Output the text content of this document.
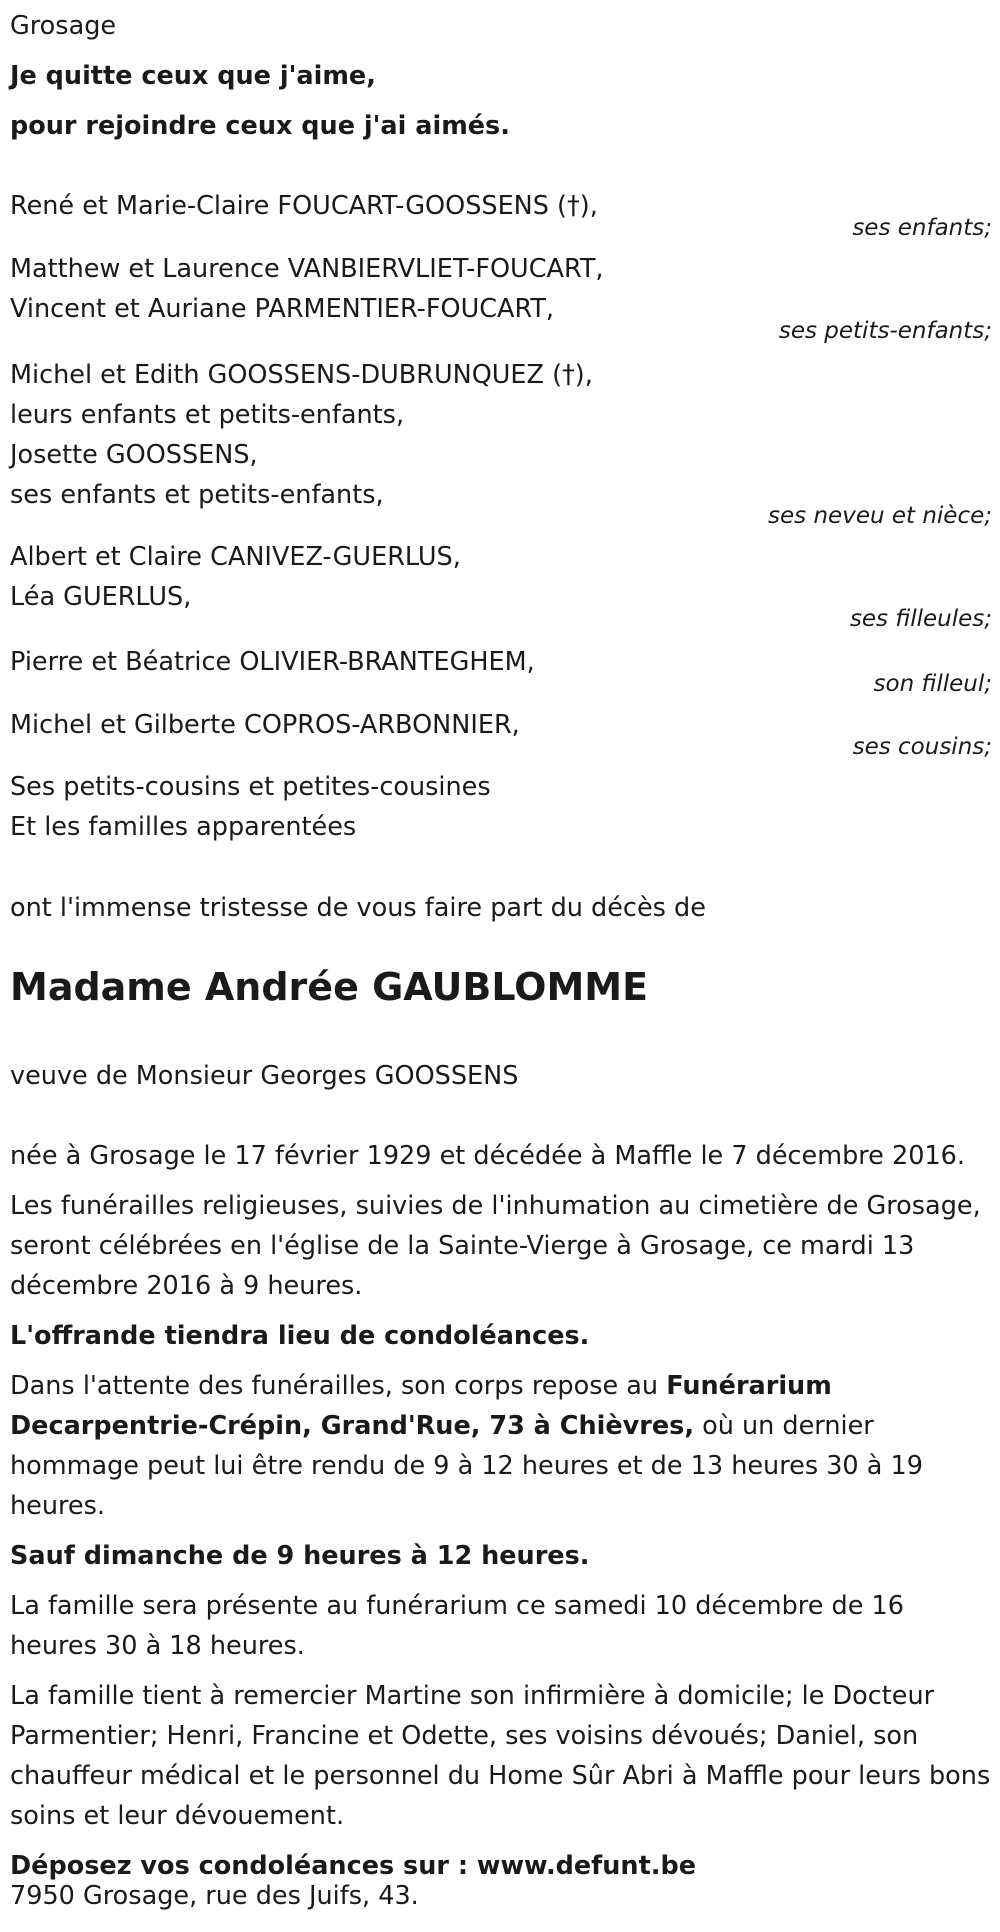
Grosage

Je quitte ceux que j'aime,

pour rejoindre ceux que j'ai aimés.

René et Marie-Claire FOUCART-GOOSSENS (†),

ses enfants;

Matthew et Laurence VANBIERVLIET-FOUCART,

Vincent et Auriane PARMENTIER-FOUCART,

ses petits-enfants;

Michel et Edith GOOSSENS-DUBRUNQUEZ (†),

leurs enfants et petits-enfants,

Josette GOOSSENS,

ses enfants et petits-enfants,

ses neveu et nièce;

Albert et Claire CANIVEZ-GUERLUS,

Léa GUERLUS,

ses filleules;

Pierre et Béatrice OLIVIER-BRANTEGHEM,

son filleul;

Michel et Gilberte COPROS-ARBONNIER,

ses cousins;

Ses petits-cousins et petites-cousines

Et les familles apparentées

ont l'immense tristesse de vous faire part du décès de

Madame Andrée GAUBLOMME

veuve de Monsieur Georges GOOSSENS

née à Grosage le 17 février 1929 et décédée à Maffle le 7 décembre 2016.

Les funérailles religieuses, suivies de l'inhumation au cimetière de Grosage, seront célébrées en l'église de la Sainte-Vierge à Grosage, ce mardi 13 décembre 2016 à 9 heures.

L'offrande tiendra lieu de condoléances.

Dans l'attente des funérailles, son corps repose au Funérarium Decarpentrie-Crépin, Grand'Rue, 73 à Chièvres, où un dernier hommage peut lui être rendu de 9 à 12 heures et de 13 heures 30 à 19 heures.

Sauf dimanche de 9 heures à 12 heures.

La famille sera présente au funérarium ce samedi 10 décembre de 16 heures 30 à 18 heures.

La famille tient à remercier Martine son infirmière à domicile; le Docteur Parmentier; Henri, Francine et Odette, ses voisins dévoués; Daniel, son chauffeur médical et le personnel du Home Sûr Abri à Maffle pour leurs bons soins et leur dévouement.

Déposez vos condoléances sur : www.defunt.be

7950 Grosage, rue des Juifs, 43.
